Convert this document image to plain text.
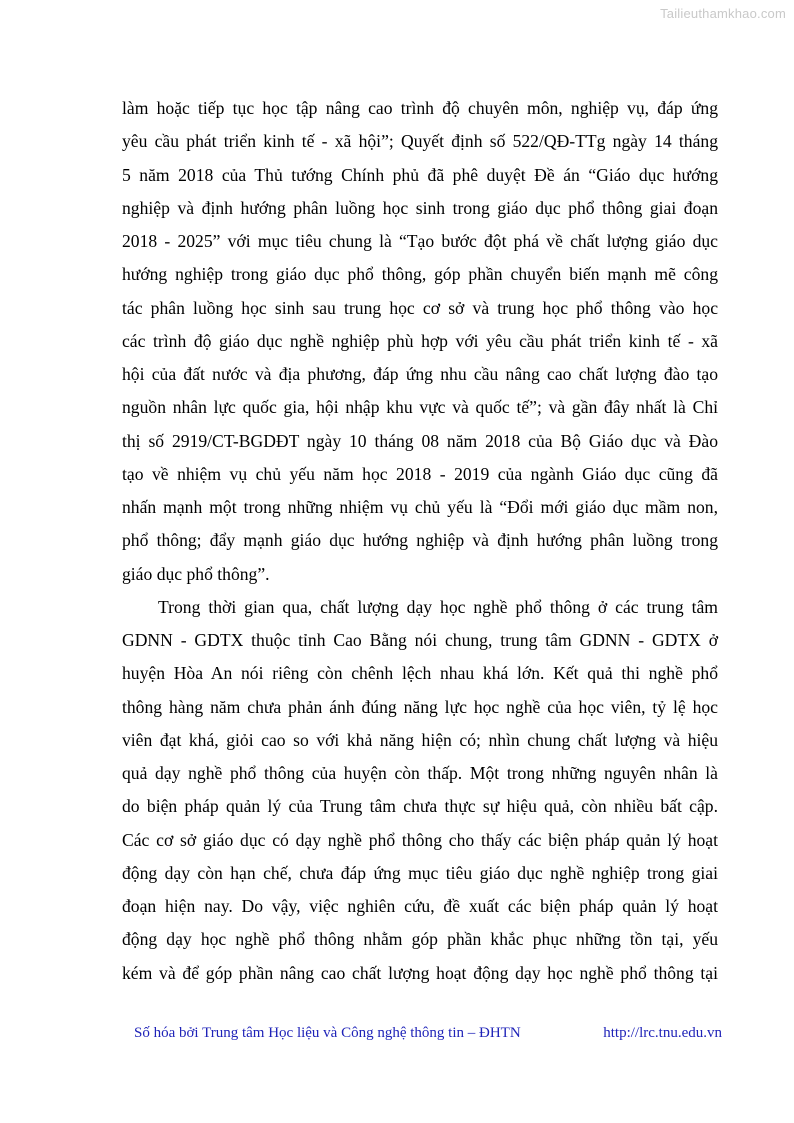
Tailieuthamkhao.com
làm hoặc tiếp tục học tập nâng cao trình độ chuyên môn, nghiệp vụ, đáp ứng
yêu cầu phát triển kinh tế - xã hội”; Quyết định số 522/QĐ-TTg ngày 14 tháng
5 năm 2018 của Thủ tướng Chính phủ đã phê duyệt Đề án “Giáo dục hướng
nghiệp và định hướng phân luồng học sinh trong giáo dục phổ thông giai đoạn
2018 - 2025” với mục tiêu chung là “Tạo bước đột phá về chất lượng giáo dục
hướng nghiệp trong giáo dục phổ thông, góp phần chuyển biến mạnh mẽ công
tác phân luồng học sinh sau trung học cơ sở và trung học phổ thông vào học
các trình độ giáo dục nghề nghiệp phù hợp với yêu cầu phát triển kinh tế - xã
hội của đất nước và địa phương, đáp ứng nhu cầu nâng cao chất lượng đào tạo
nguồn nhân lực quốc gia, hội nhập khu vực và quốc tế”; và gần đây nhất là Chỉ
thị số 2919/CT-BGDĐT ngày 10 tháng 08 năm 2018 của Bộ Giáo dục và Đào
tạo về nhiệm vụ chủ yếu năm học 2018 - 2019 của ngành Giáo dục cũng đã
nhấn mạnh một trong những nhiệm vụ chủ yếu là “Đổi mới giáo dục mầm non,
phổ thông; đẩy mạnh giáo dục hướng nghiệp và định hướng phân luồng trong
giáo dục phổ thông”.
Trong thời gian qua, chất lượng dạy học nghề phổ thông ở các trung tâm
GDNN - GDTX thuộc tỉnh Cao Bằng nói chung, trung tâm GDNN - GDTX ở
huyện Hòa An nói riêng còn chênh lệch nhau khá lớn. Kết quả thi nghề phổ
thông hàng năm chưa phản ánh đúng năng lực học nghề của học viên, tỷ lệ học
viên đạt khá, giỏi cao so với khả năng hiện có; nhìn chung chất lượng và hiệu
quả dạy nghề phổ thông của huyện còn thấp. Một trong những nguyên nhân là
do biện pháp quản lý của Trung tâm chưa thực sự hiệu quả, còn nhiều bất cập.
Các cơ sở giáo dục có dạy nghề phổ thông cho thấy các biện pháp quản lý hoạt
động dạy còn hạn chế, chưa đáp ứng mục tiêu giáo dục nghề nghiệp trong giai
đoạn hiện nay. Do vậy, việc nghiên cứu, đề xuất các biện pháp quản lý hoạt
động dạy học nghề phổ thông nhằm góp phần khắc phục những tồn tại, yếu
kém và để góp phần nâng cao chất lượng hoạt động dạy học nghề phổ thông tại
Số hóa bởi Trung tâm Học liệu và Công nghệ thông tin – ĐHTN	http://lrc.tnu.edu.vn
